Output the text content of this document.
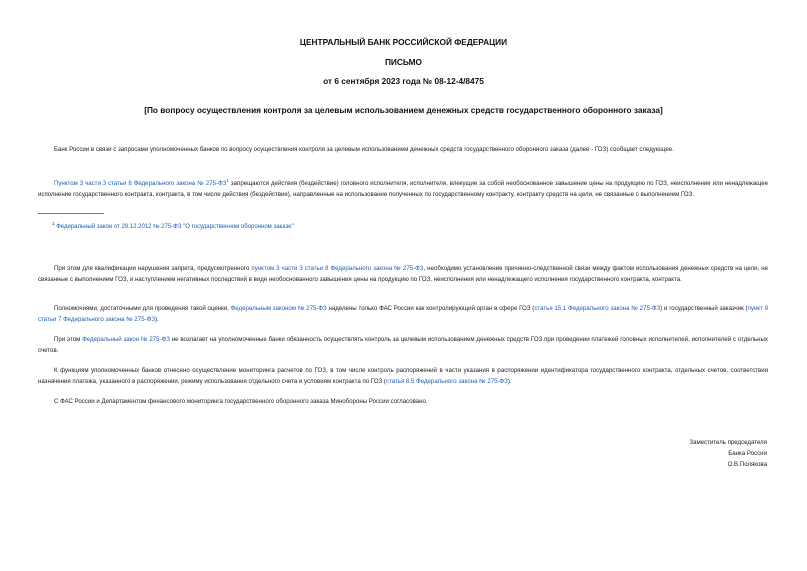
ЦЕНТРАЛЬНЫЙ БАНК РОССИЙСКОЙ ФЕДЕРАЦИИ
ПИСЬМО
от 6 сентября 2023 года № 08-12-4/8475
[По вопросу осуществления контроля за целевым использованием денежных средств государственного оборонного заказа]
Банк России в связи с запросами уполномоченных банков по вопросу осуществления контроля за целевым использованием денежных средств государственного оборонного заказа (далее - ГОЗ) сообщает следующее.
Пунктом 3 части 3 статьи 8 Федерального закона № $275-ФЗ^1$ запрещаются действия (бездействие) головного исполнителя, исполнителя, влекущие за собой необоснованное завышение цены на продукцию по ГОЗ, неисполнение или ненадлежащее исполнение государственного контракта, контракта, в том числе действия (бездействие), направленные на использование полученных по государственному контракту, контракту средств на цели, не связанные с выполнением ГОЗ.
$^1$ Федеральный закон от 29.12.2012 № 275-ФЗ "О государственном оборонном заказе"
При этом для квалификации нарушения запрета, предусмотренного пунктом 3 части 3 статьи 8 Федерального закона № 275-ФЗ, необходимо установление причинно-следственной связи между фактом использования денежных средств на цели, не связанные с выполнением ГОЗ, и наступлением негативных последствий в виде необоснованного завышения цены на продукцию по ГОЗ, неисполнения или ненадлежащего исполнения государственного контракта, контракта.
Полномочиями, достаточными для проведения такой оценки, Федеральным законом № 275-ФЗ наделены только ФАС России как контролирующий орган в сфере ГОЗ (статья 15.1 Федерального закона № 275-ФЗ) и государственный заказчик (пункт 9 статьи 7 Федерального закона № 275-ФЗ).
При этом Федеральный закон № 275-ФЗ не возлагает на уполномоченные банки обязанность осуществлять контроль за целевым использованием денежных средств ГОЗ при проведении платежей головных исполнителей, исполнителей с отдельных счетов.
К функциям уполномоченных банков отнесено осуществление мониторинга расчетов по ГОЗ, в том числе контроль распоряжений в части указания в распоряжении идентификатора государственного контракта, отдельных счетов, соответствия назначения платежа, указанного в распоряжении, режиму использования отдельного счета и условиям контракта по ГОЗ (статья 8.5 Федерального закона № 275-ФЗ).
С ФАС России и Департаментом финансового мониторинга государственного оборонного заказа Минобороны России согласовано.
Заместитель председателя
Банка России
О.В.Полякова
